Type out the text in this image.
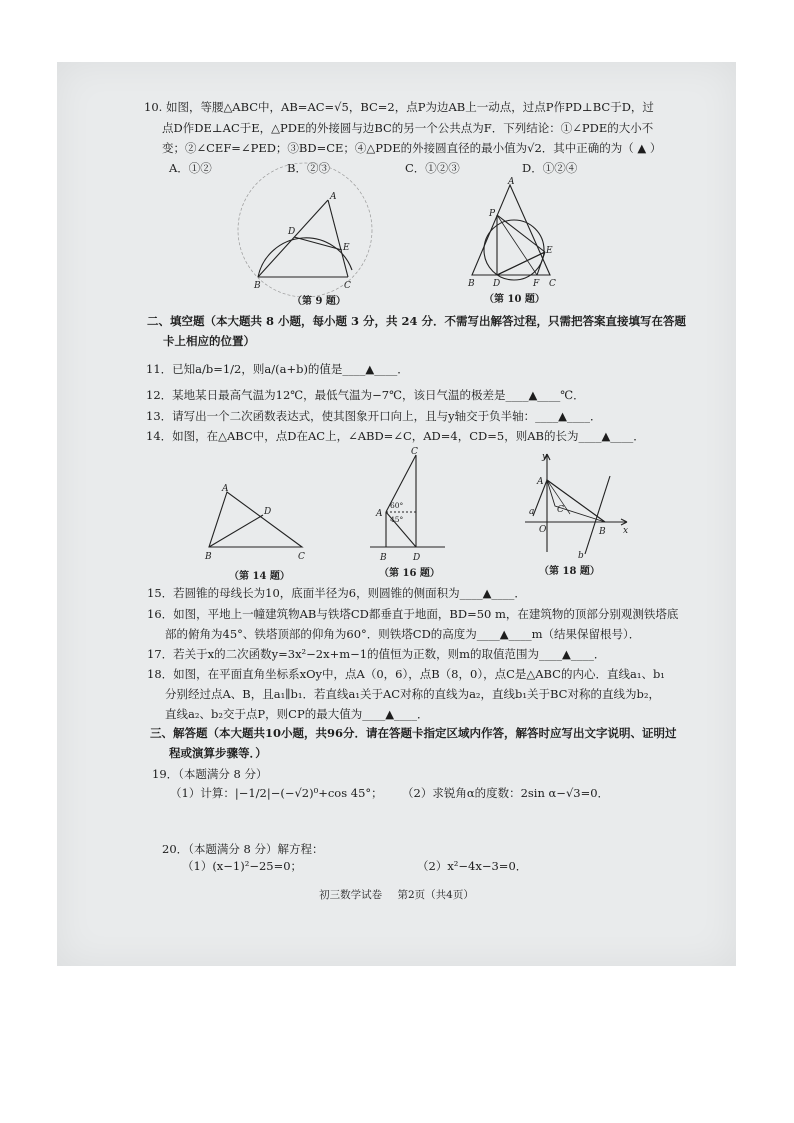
10. 如图，等腰△ABC中，AB=AC=√5，BC=2，点P为边AB上一动点，过点P作PD⊥BC于D，过
点D作DE⊥AC于E，△PDE的外接圆与边BC的另一个公共点为F．下列结论：①∠PDE的大小不
变；②∠CEF=∠PED；③BD=CE；④△PDE的外接圆直径的最小值为√2．其中正确的为（ ▲ ）
A．①②	B．②③	C．①②③	D．①②④
A
D
E
B	C
（第 9 题）
A
P
E
B D	F C
（第 10 题）
二、填空题（本大题共 8 小题，每小题 3 分，共 24 分．不需写出解答过程，只需把答案直接填写在答题
卡上相应的位置）
11．已知a/b=1/2，则a/(a+b)的值是____▲____．
12．某地某日最高气温为12℃，最低气温为−7℃，该日气温的极差是____▲____℃．
13．请写出一个二次函数表达式，使其图象开口向上，且与y轴交于负半轴：____▲____．
14．如图，在△ABC中，点D在AC上，∠ABD=∠C，AD=4，CD=5，则AB的长为____▲____．
A
D
B	C
（第 14 题）
C
A
60°
45°
B	D
（第 16 题）
y
A
a
O
C
B x
b
（第 18 题）
15．若圆锥的母线长为10，底面半径为6，则圆锥的侧面积为____▲____．
16．如图，平地上一幢建筑物AB与铁塔CD都垂直于地面，BD=50 m，在建筑物的顶部分别观测铁塔底
部的俯角为45°、铁塔顶部的仰角为60°．则铁塔CD的高度为____▲____m（结果保留根号）．
17．若关于x的二次函数y=3x²−2x+m−1的值恒为正数，则m的取值范围为____▲____．
18．如图，在平面直角坐标系xOy中，点A（0，6），点B（8，0），点C是△ABC的内心．直线a₁、b₁
分别经过点A、B，且a₁∥b₁．若直线a₁关于AC对称的直线为a₂，直线b₁关于BC对称的直线为b₂，
直线a₂、b₂交于点P，则CP的最大值为____▲____．
三、解答题（本大题共10小题，共96分．请在答题卡指定区域内作答，解答时应写出文字说明、证明过
程或演算步骤等．）
19．（本题满分 8 分）
（1）计算：|−1/2|−(−√2)⁰+cos 45°； （2）求锐角α的度数：2sin α−√3=0．
20．（本题满分 8 分）解方程：
（1）(x−1)²−25=0；	（2）x²−4x−3=0．
初三数学试卷 第2页（共4页）
